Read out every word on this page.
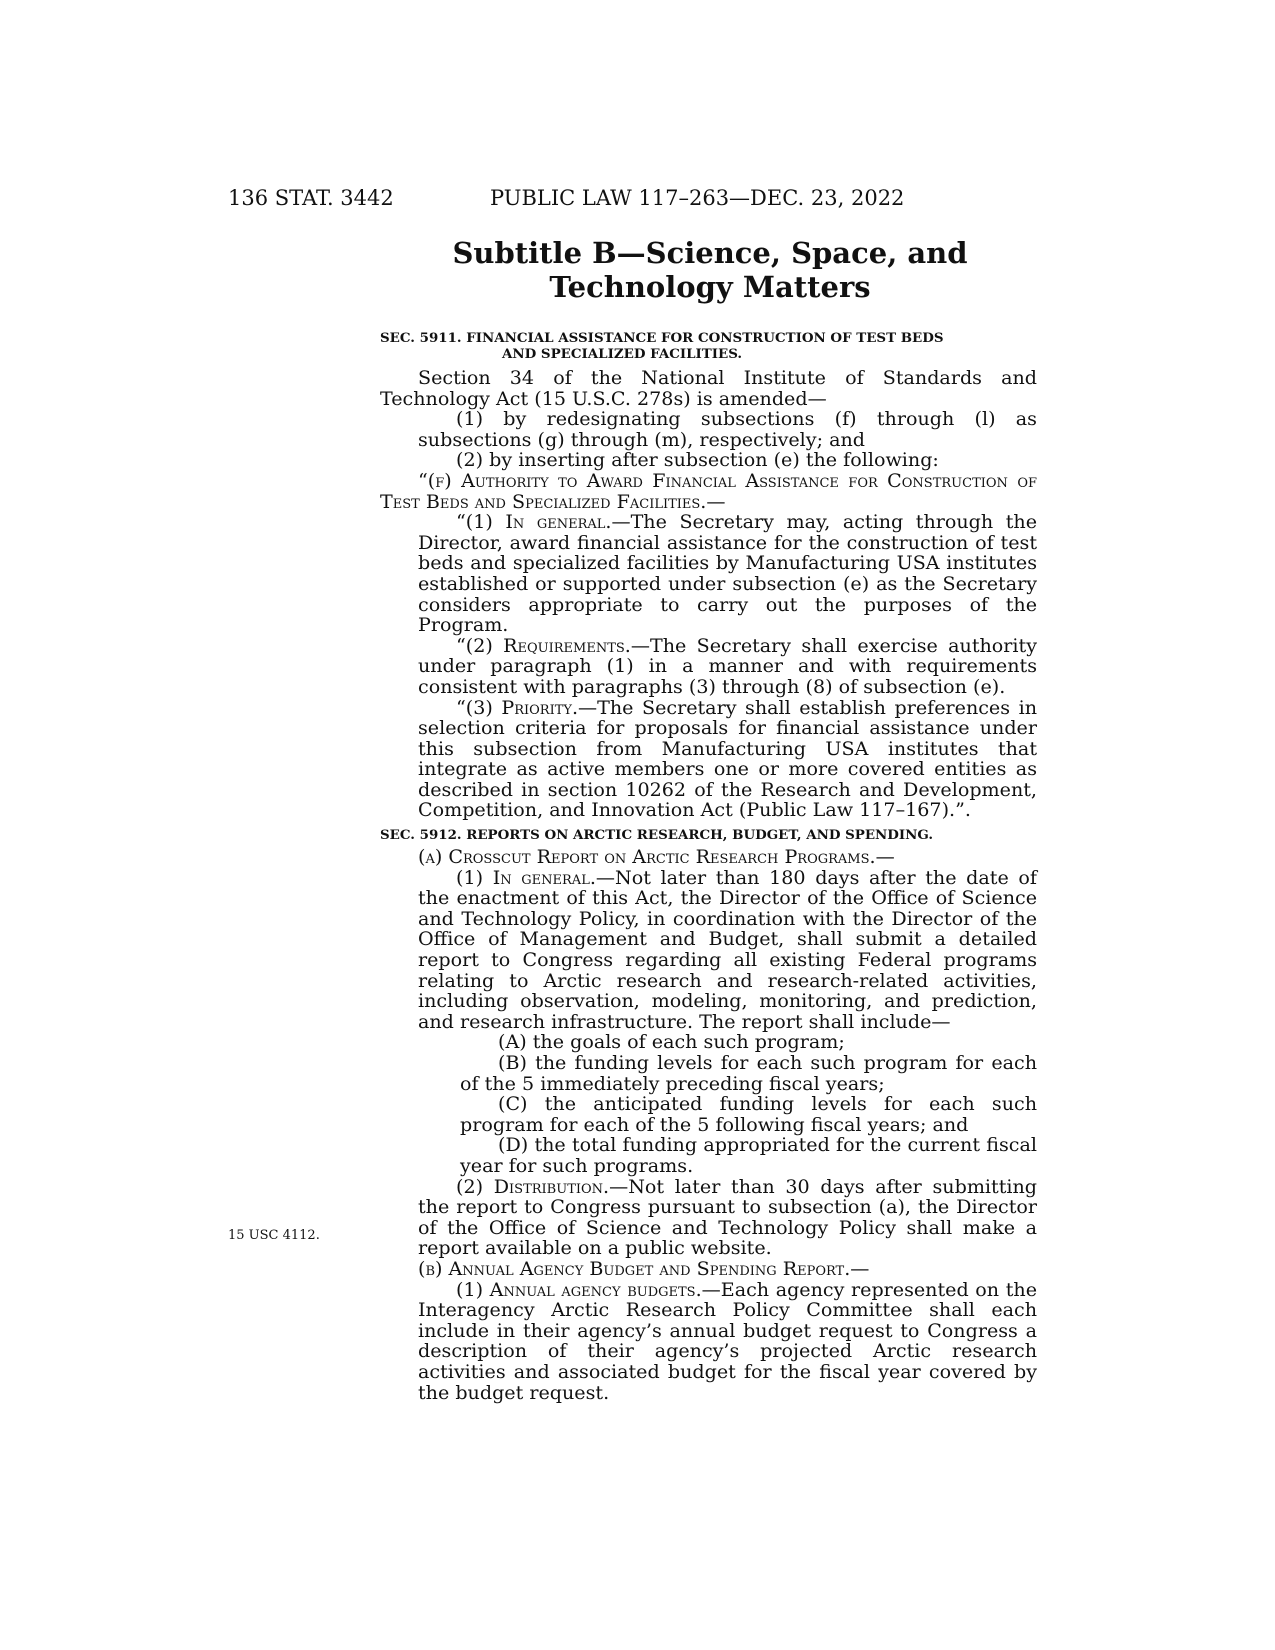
136 STAT. 3442	PUBLIC LAW 117–263—DEC. 23, 2022
Subtitle B—Science, Space, and
Technology Matters
15 USC 4112.

SEC. 5911. FINANCIAL ASSISTANCE FOR CONSTRUCTION OF TEST BEDS
AND SPECIALIZED FACILITIES.

Section 34 of the National Institute of Standards and Technology Act (15 U.S.C. 278s) is amended—

(1) by redesignating subsections (f) through (l) as subsections (g) through (m), respectively; and

(2) by inserting after subsection (e) the following:

“(f) Authority to Award Financial Assistance for Construction of Test Beds and Specialized Facilities.—

“(1) In general.—The Secretary may, acting through the Director, award financial assistance for the construction of test beds and specialized facilities by Manufacturing USA institutes established or supported under subsection (e) as the Secretary considers appropriate to carry out the purposes of the Program.

“(2) Requirements.—The Secretary shall exercise authority under paragraph (1) in a manner and with requirements consistent with paragraphs (3) through (8) of subsection (e).

“(3) Priority.—The Secretary shall establish preferences in selection criteria for proposals for financial assistance under this subsection from Manufacturing USA institutes that integrate as active members one or more covered entities as described in section 10262 of the Research and Development, Competition, and Innovation Act (Public Law 117–167).”.

SEC. 5912. REPORTS ON ARCTIC RESEARCH, BUDGET, AND SPENDING.

(a) Crosscut Report on Arctic Research Programs.—

(1) In general.—Not later than 180 days after the date of the enactment of this Act, the Director of the Office of Science and Technology Policy, in coordination with the Director of the Office of Management and Budget, shall submit a detailed report to Congress regarding all existing Federal programs relating to Arctic research and research-related activities, including observation, modeling, monitoring, and prediction, and research infrastructure. The report shall include—

(A) the goals of each such program;

(B) the funding levels for each such program for each of the 5 immediately preceding fiscal years;

(C) the anticipated funding levels for each such program for each of the 5 following fiscal years; and

(D) the total funding appropriated for the current fiscal year for such programs.

(2) Distribution.—Not later than 30 days after submitting the report to Congress pursuant to subsection (a), the Director of the Office of Science and Technology Policy shall make a report available on a public website.

(b) Annual Agency Budget and Spending Report.—

(1) Annual agency budgets.—Each agency represented on the Interagency Arctic Research Policy Committee shall each include in their agency’s annual budget request to Congress a description of their agency’s projected Arctic research activities and associated budget for the fiscal year covered by the budget request.
